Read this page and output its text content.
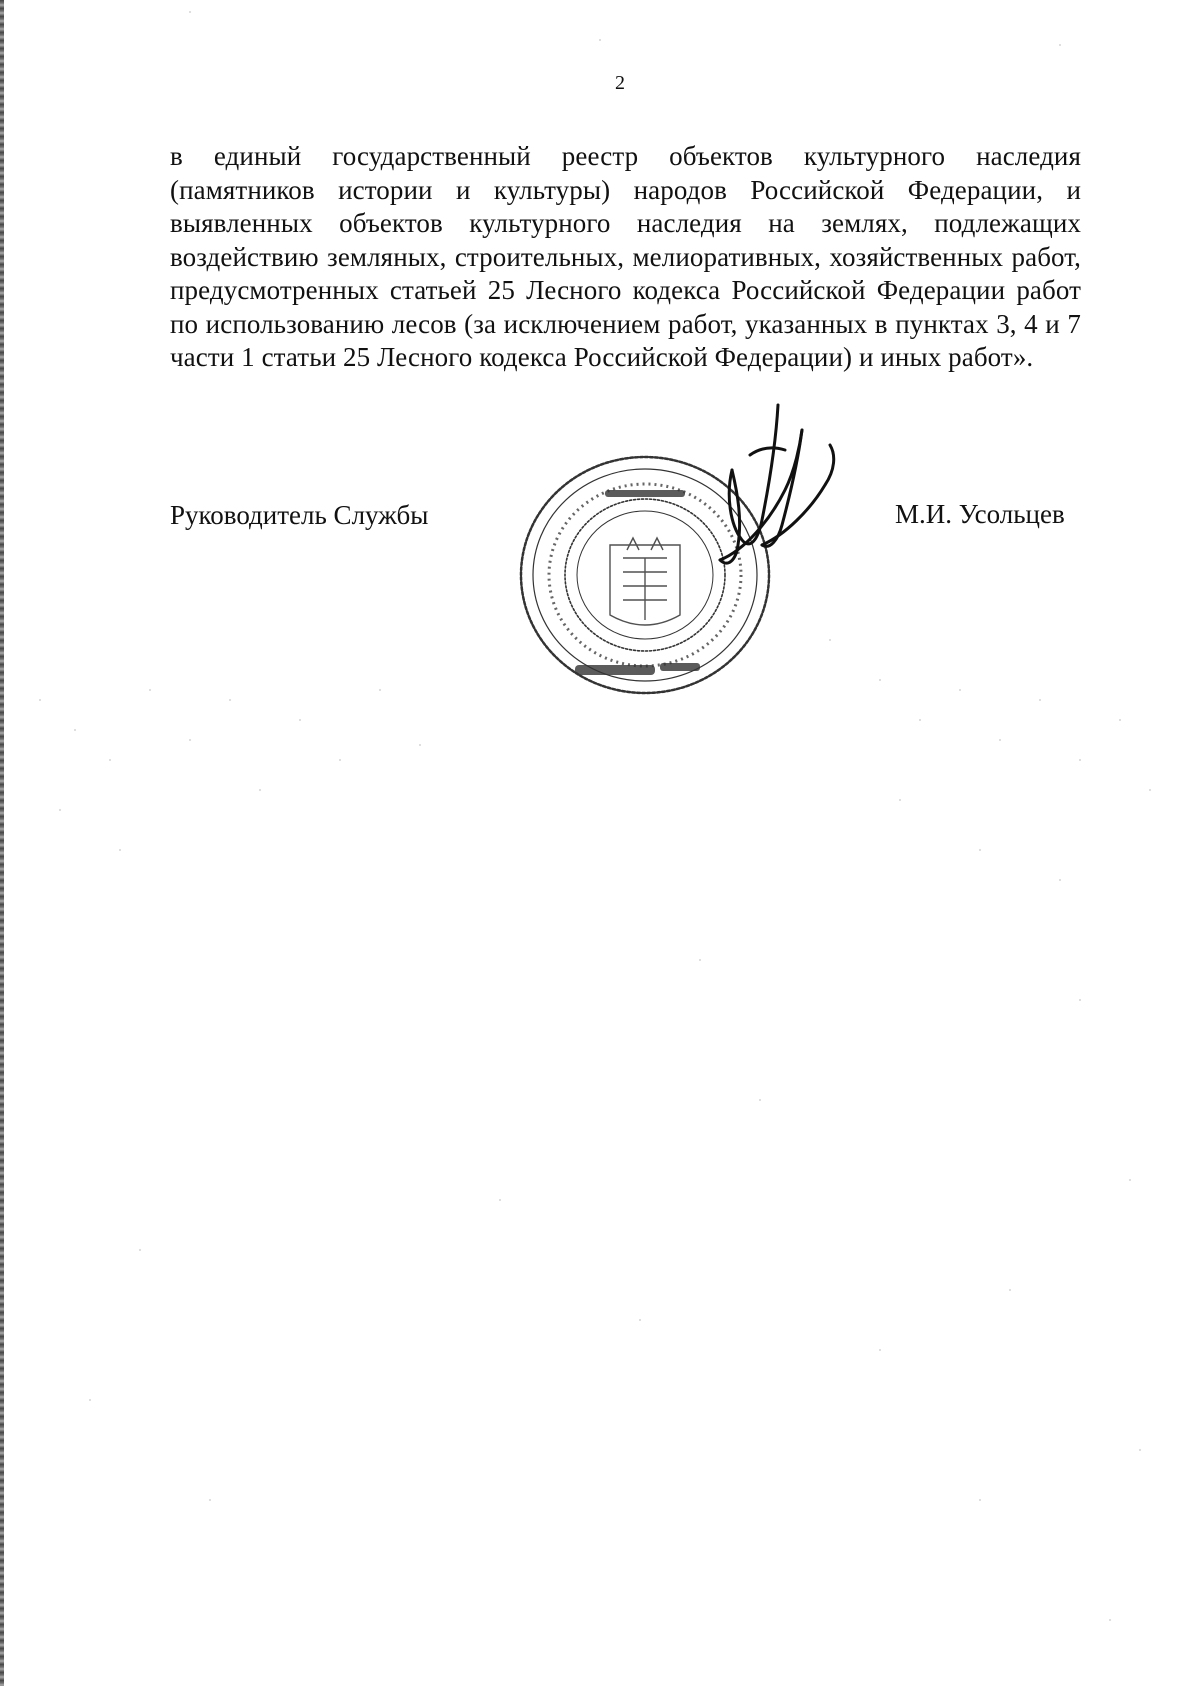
2

в единый государственный реестр объектов культурного наследия (памятников истории и культуры) народов Российской Федерации, и выявленных объектов культурного наследия на землях, подлежащих воздействию земляных, строительных, мелиоративных, хозяйственных работ, предусмотренных статьей 25 Лесного кодекса Российской Федерации работ по использованию лесов (за исключением работ, указанных в пунктах 3, 4 и 7 части 1 статьи 25 Лесного кодекса Российской Федерации) и иных работ».

Руководитель Службы	М.И. Усольцев
